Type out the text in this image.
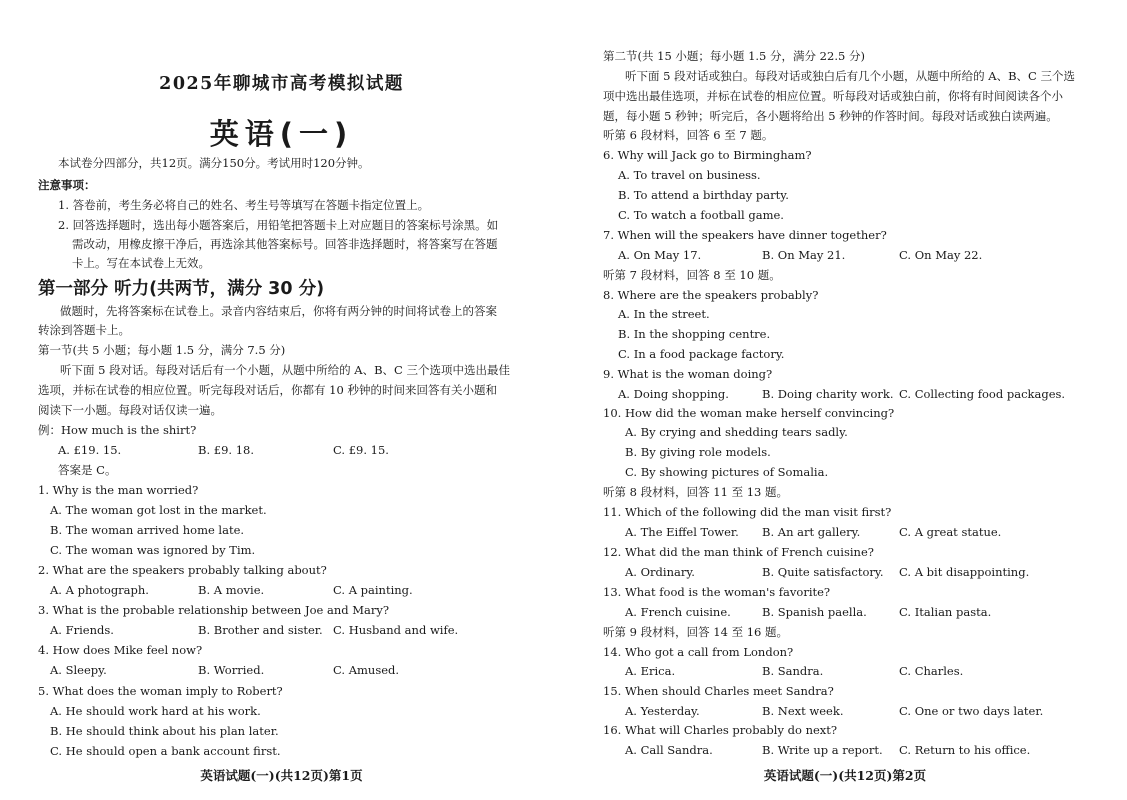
2025年聊城市高考模拟试题
英语(一)
本试卷分四部分，共12页。满分150分。考试用时120分钟。
注意事项：
1. 答卷前，考生务必将自己的姓名、考生号等填写在答题卡指定位置上。
2. 回答选择题时，选出每小题答案后，用铅笔把答题卡上对应题目的答案标号涂黑。如
需改动，用橡皮擦干净后，再选涂其他答案标号。回答非选择题时，将答案写在答题
卡上。写在本试卷上无效。
第一部分 听力(共两节，满分 30 分)
做题时，先将答案标在试卷上。录音内容结束后，你将有两分钟的时间将试卷上的答案
转涂到答题卡上。
第一节(共 5 小题；每小题 1.5 分，满分 7.5 分)
听下面 5 段对话。每段对话后有一个小题，从题中所给的 A、B、C 三个选项中选出最佳
选项，并标在试卷的相应位置。听完每段对话后，你都有 10 秒钟的时间来回答有关小题和
阅读下一小题。每段对话仅读一遍。
例：How much is the shirt?
A. £19. 15.	B. £9. 18.	C. £9. 15.
答案是 C。
1. Why is the man worried?
A. The woman got lost in the market.
B. The woman arrived home late.
C. The woman was ignored by Tim.
2. What are the speakers probably talking about?
A. A photograph.	B. A movie.	C. A painting.
3. What is the probable relationship between Joe and Mary?
A. Friends.	B. Brother and sister. C. Husband and wife.
4. How does Mike feel now?
A. Sleepy.	B. Worried.	C. Amused.
5. What does the woman imply to Robert?
A. He should work hard at his work.
B. He should think about his plan later.
C. He should open a bank account first.
英语试题(一)(共12页)第1页
第二节(共 15 小题；每小题 1.5 分，满分 22.5 分)
听下面 5 段对话或独白。每段对话或独白后有几个小题，从题中所给的 A、B、C 三个选
项中选出最佳选项，并标在试卷的相应位置。听每段对话或独白前，你将有时间阅读各个小
题，每小题 5 秒钟；听完后，各小题将给出 5 秒钟的作答时间。每段对话或独白读两遍。
听第 6 段材料，回答 6 至 7 题。
6. Why will Jack go to Birmingham?
A. To travel on business.
B. To attend a birthday party.
C. To watch a football game.
7. When will the speakers have dinner together?
A. On May 17.	B. On May 21.	C. On May 22.
听第 7 段材料，回答 8 至 10 题。
8. Where are the speakers probably?
A. In the street.
B. In the shopping centre.
C. In a food package factory.
9. What is the woman doing?
A. Doing shopping.	B. Doing charity work. C. Collecting food packages.
10. How did the woman make herself convincing?
A. By crying and shedding tears sadly.
B. By giving role models.
C. By showing pictures of Somalia.
听第 8 段材料，回答 11 至 13 题。
11. Which of the following did the man visit first?
A. The Eiffel Tower. B. An art gallery.	C. A great statue.
12. What did the man think of French cuisine?
A. Ordinary.	B. Quite satisfactory. C. A bit disappointing.
13. What food is the woman's favorite?
A. French cuisine.	B. Spanish paella.	C. Italian pasta.
听第 9 段材料，回答 14 至 16 题。
14. Who got a call from London?
A. Erica.	B. Sandra.	C. Charles.
15. When should Charles meet Sandra?
A. Yesterday.	B. Next week.	C. One or two days later.
16. What will Charles probably do next?
A. Call Sandra.	B. Write up a report. C. Return to his office.
英语试题(一)(共12页)第2页
